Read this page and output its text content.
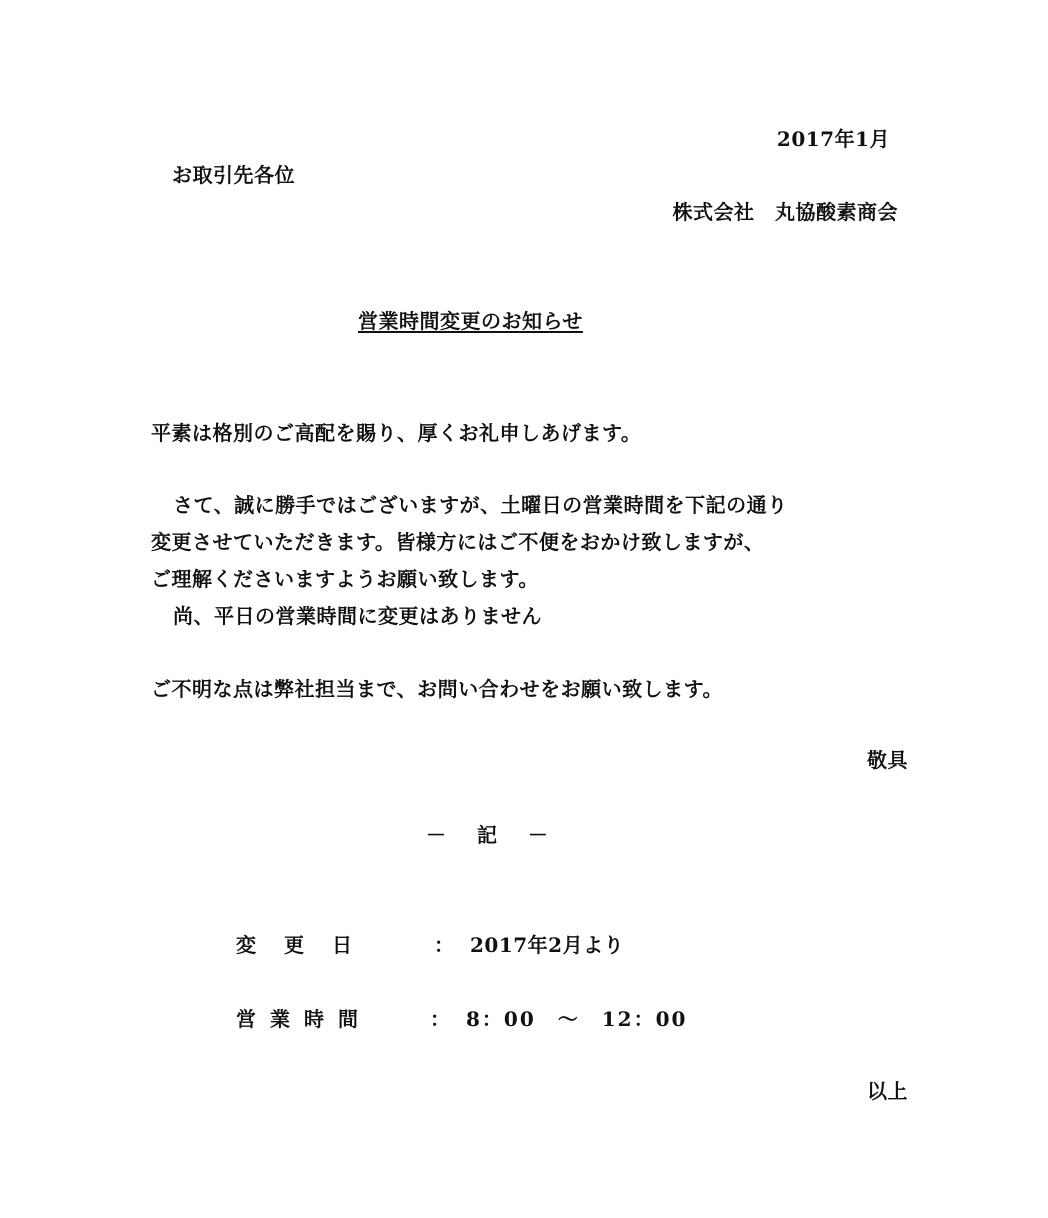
2017年1月
お取引先各位
株式会社　丸協酸素商会
営業時間変更のお知らせ
平素は格別のご高配を賜り、厚くお礼申しあげます。
さて、誠に勝手ではございますが、土曜日の営業時間を下記の通り
変更させていただきます。皆様方にはご不便をおかけ致しますが、
ご理解くださいますようお願い致します。
尚、平日の営業時間に変更はありません
ご不明な点は弊社担当まで、お問い合わせをお願い致します。
敬具
－ 記 －
変更日	： 2017年2月より
営業時間	： 8：00　～　12：00
以上
